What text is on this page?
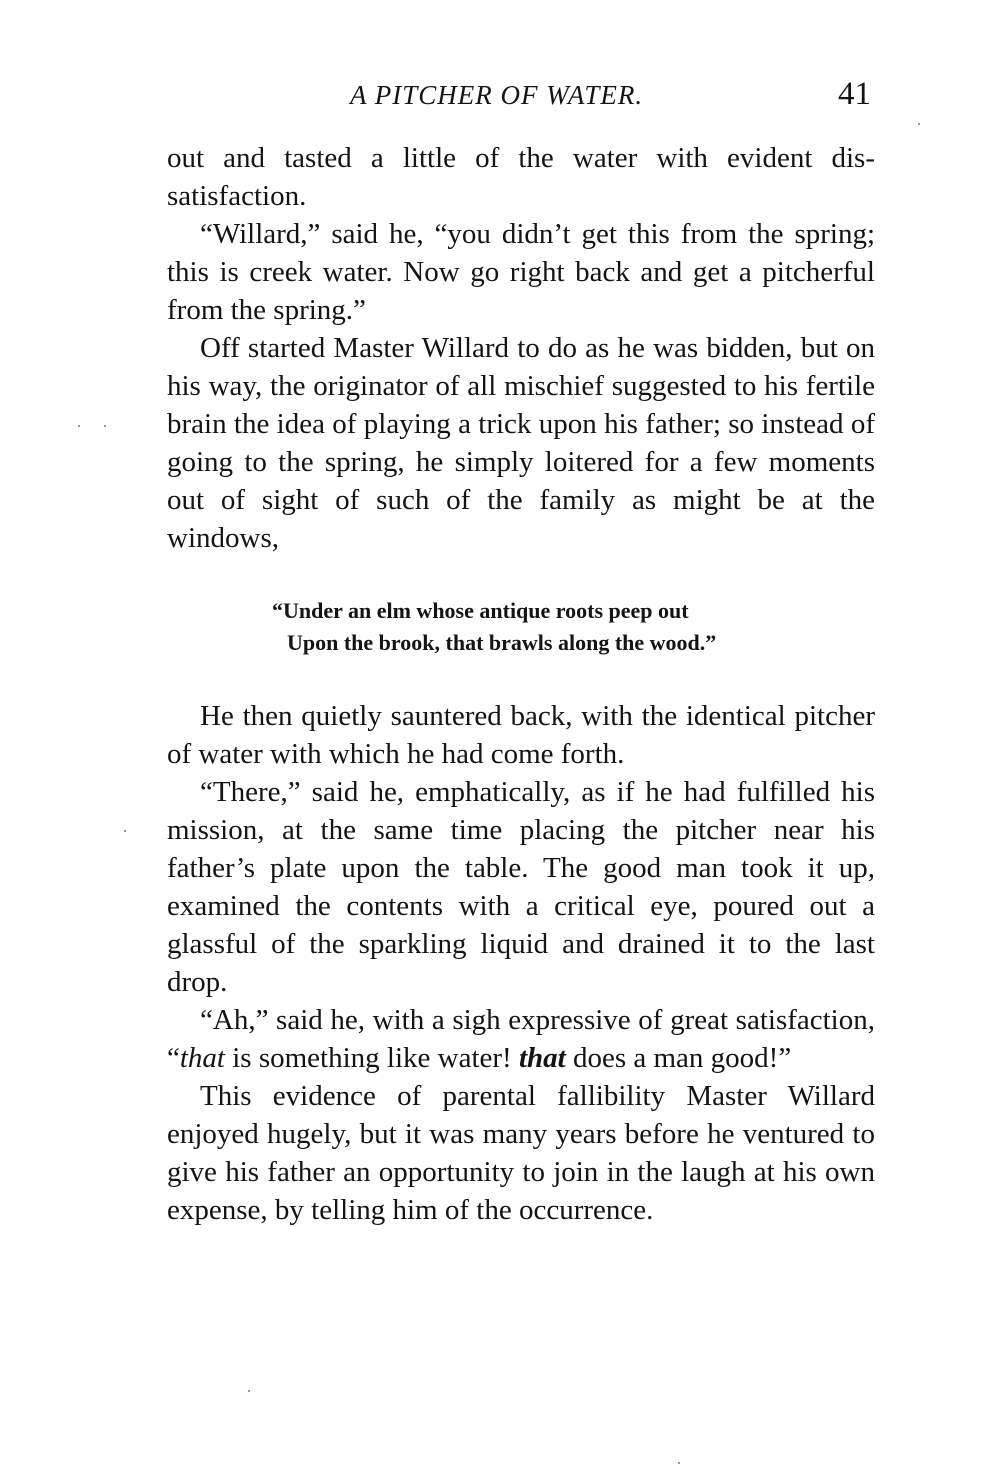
A PITCHER OF WATER.	41

out and tasted a little of the water with evident dis-satisfaction.

“Willard,” said he, “you didn’t get this from the spring; this is creek water. Now go right back and get a pitcherful from the spring.”

Off started Master Willard to do as he was bidden, but on his way, the originator of all mischief suggested to his fertile brain the idea of playing a trick upon his father; so instead of going to the spring, he simply loitered for a few moments out of sight of such of the family as might be at the windows,

“Under an elm whose antique roots peep out
Upon the brook, that brawls along the wood.”

He then quietly sauntered back, with the identical pitcher of water with which he had come forth.

“There,” said he, emphatically, as if he had fulfilled his mission, at the same time placing the pitcher near his father’s plate upon the table. The good man took it up, examined the contents with a critical eye, poured out a glassful of the sparkling liquid and drained it to the last drop.

“Ah,” said he, with a sigh expressive of great satisfaction, “that is something like water! that does a man good!”

This evidence of parental fallibility Master Willard enjoyed hugely, but it was many years before he ventured to give his father an opportunity to join in the laugh at his own expense, by telling him of the occurrence.
